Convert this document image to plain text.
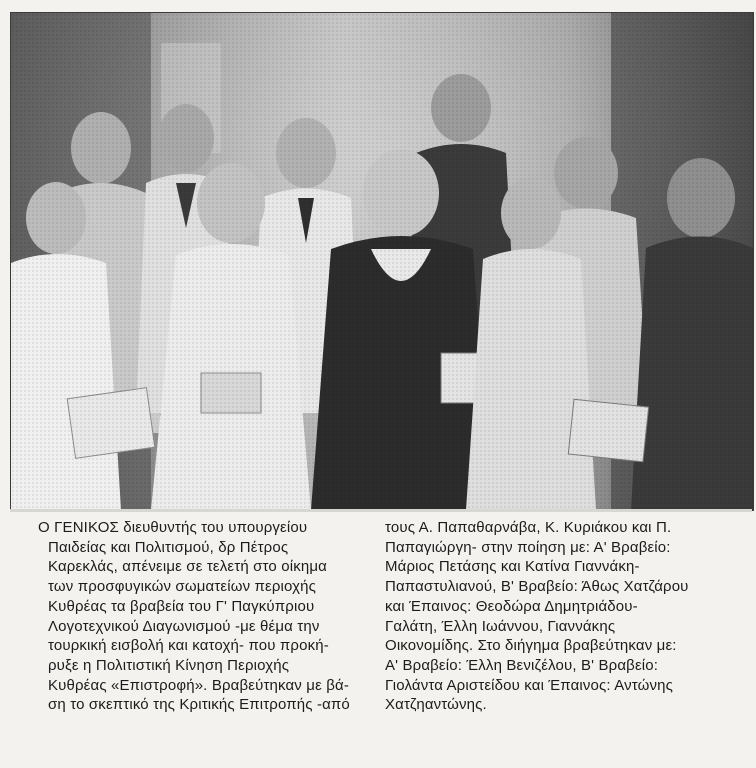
Ο ΓΕΝΙΚΟΣ διευθυντής του υπουργείου
Παιδείας και Πολιτισμού, δρ Πέτρος
Καρεκλάς, απένειμε σε τελετή στο οίκημα
των προσφυγικών σωματείων περιοχής
Κυθρέας τα βραβεία του Γ' Παγκύπριου
Λογοτεχνικού Διαγωνισμού -με θέμα την
τουρκική εισβολή και κατοχή- που προκή-
ρυξε η Πολιτιστική Κίνηση Περιοχής
Κυθρέας «Επιστροφή». Βραβεύτηκαν με βά-
ση το σκεπτικό της Κριτικής Επιτροπής -από
τους Α. Παπαθαρνάβα, Κ. Κυριάκου και Π.
Παπαγιώργη- στην ποίηση με: Α' Βραβείο:
Μάριος Πετάσης και Κατίνα Γιαννάκη-
Παπαστυλιανού, Β' Βραβείο: Άθως Χατζάρου
και Έπαινος: Θεοδώρα Δημητριάδου-
Γαλάτη, Έλλη Ιωάννου, Γιαννάκης
Οικονομίδης. Στο διήγημα βραβεύτηκαν με:
Α' Βραβείο: Έλλη Βενιζέλου, Β' Βραβείο:
Γιολάντα Αριστείδου και Έπαινος: Αντώνης
Χατζηαντώνης.
